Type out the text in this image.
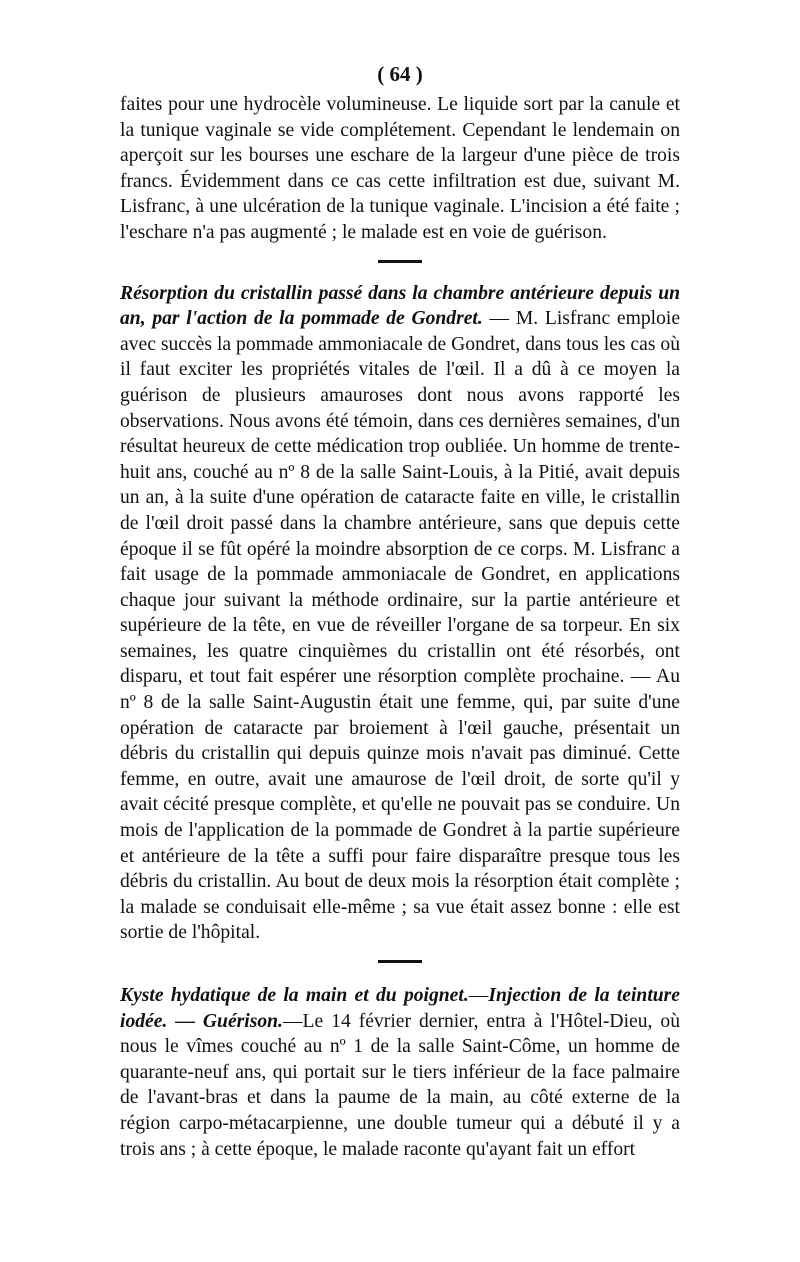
( 64 )

faites pour une hydrocèle volumineuse. Le liquide sort par la canule et la tunique vaginale se vide complétement. Cependant le lendemain on aperçoit sur les bourses une eschare de la largeur d'une pièce de trois francs. Évidemment dans ce cas cette infiltration est due, suivant M. Lisfranc, à une ulcération de la tunique vaginale. L'incision a été faite ; l'eschare n'a pas augmenté ; le malade est en voie de guérison.

Résorption du cristallin passé dans la chambre antérieure depuis un an, par l'action de la pommade de Gondret. — M. Lisfranc emploie avec succès la pommade ammoniacale de Gondret, dans tous les cas où il faut exciter les propriétés vitales de l'œil. Il a dû à ce moyen la guérison de plusieurs amauroses dont nous avons rapporté les observations. Nous avons été témoin, dans ces dernières semaines, d'un résultat heureux de cette médication trop oubliée. Un homme de trente-huit ans, couché au nº 8 de la salle Saint-Louis, à la Pitié, avait depuis un an, à la suite d'une opération de cataracte faite en ville, le cristallin de l'œil droit passé dans la chambre antérieure, sans que depuis cette époque il se fût opéré la moindre absorption de ce corps. M. Lisfranc a fait usage de la pommade ammoniacale de Gondret, en applications chaque jour suivant la méthode ordinaire, sur la partie antérieure et supérieure de la tête, en vue de réveiller l'organe de sa torpeur. En six semaines, les quatre cinquièmes du cristallin ont été résorbés, ont disparu, et tout fait espérer une résorption complète prochaine. — Au nº 8 de la salle Saint-Augustin était une femme, qui, par suite d'une opération de cataracte par broiement à l'œil gauche, présentait un débris du cristallin qui depuis quinze mois n'avait pas diminué. Cette femme, en outre, avait une amaurose de l'œil droit, de sorte qu'il y avait cécité presque complète, et qu'elle ne pouvait pas se conduire. Un mois de l'application de la pommade de Gondret à la partie supérieure et antérieure de la tête a suffi pour faire disparaître presque tous les débris du cristallin. Au bout de deux mois la résorption était complète ; la malade se conduisait elle-même ; sa vue était assez bonne : elle est sortie de l'hôpital.

Kyste hydatique de la main et du poignet.—Injection de la teinture iodée. — Guérison.—Le 14 février dernier, entra à l'Hôtel-Dieu, où nous le vîmes couché au nº 1 de la salle Saint-Côme, un homme de quarante-neuf ans, qui portait sur le tiers inférieur de la face palmaire de l'avant-bras et dans la paume de la main, au côté externe de la région carpo-métacarpienne, une double tumeur qui a débuté il y a trois ans ; à cette époque, le malade raconte qu'ayant fait un effort
